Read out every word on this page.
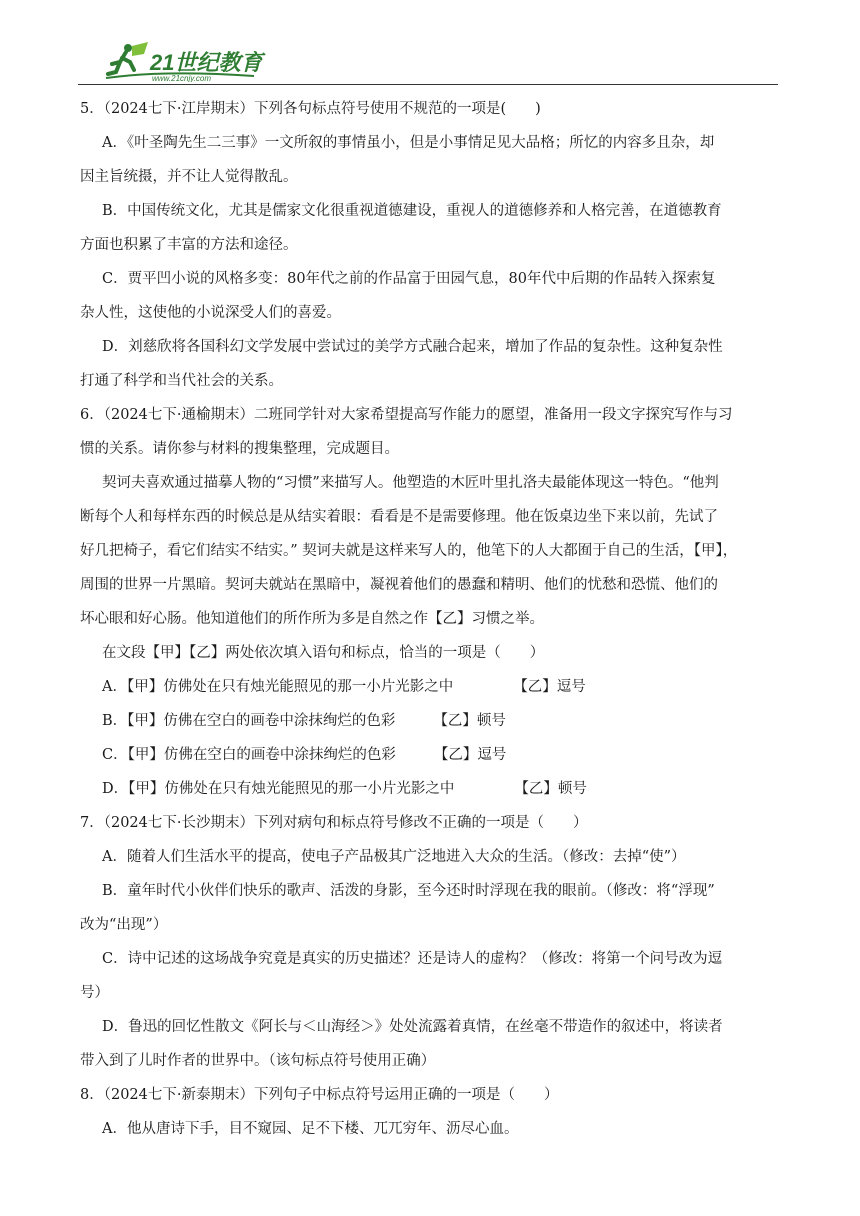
21世纪教育
www.21cnjy.com

5．（2024七下·江岸期末）下列各句标点符号使用不规范的一项是(　　)

A．《叶圣陶先生二三事》一文所叙的事情虽小，但是小事情足见大品格；所忆的内容多且杂，却

因主旨统摄，并不让人觉得散乱。

B．中国传统文化，尤其是儒家文化很重视道德建设，重视人的道德修养和人格完善，在道德教育

方面也积累了丰富的方法和途径。

C．贾平凹小说的风格多变：80年代之前的作品富于田园气息，80年代中后期的作品转入探索复

杂人性，这使他的小说深受人们的喜爱。

D．刘慈欣将各国科幻文学发展中尝试过的美学方式融合起来，增加了作品的复杂性。这种复杂性

打通了科学和当代社会的关系。

6．（2024七下·通榆期末）二班同学针对大家希望提高写作能力的愿望，准备用一段文字探究写作与习

惯的关系。请你参与材料的搜集整理，完成题目。

契诃夫喜欢通过描摹人物的“习惯”来描写人。他塑造的木匠叶里扎洛夫最能体现这一特色。“他判

断每个人和每样东西的时候总是从结实着眼：看看是不是需要修理。他在饭桌边坐下来以前，先试了

好几把椅子，看它们结实不结实。” 契诃夫就是这样来写人的，他笔下的人大都囿于自己的生活，【甲】，

周围的世界一片黑暗。契诃夫就站在黑暗中，凝视着他们的愚蠢和精明、他们的忧愁和恐慌、他们的

坏心眼和好心肠。他知道他们的所作所为多是自然之作【乙】习惯之举。

在文段【甲】【乙】两处依次填入语句和标点，恰当的一项是（　　）

A．【甲】仿佛处在只有烛光能照见的那一小片光影之中	【乙】逗号

B．【甲】仿佛在空白的画卷中涂抹绚烂的色彩	【乙】顿号

C．【甲】仿佛在空白的画卷中涂抹绚烂的色彩	【乙】逗号

D．【甲】仿佛处在只有烛光能照见的那一小片光影之中	【乙】顿号

7．（2024七下·长沙期末）下列对病句和标点符号修改不正确的一项是（　　）

A．随着人们生活水平的提高，使电子产品极其广泛地进入大众的生活。（修改：去掉“使”）

B．童年时代小伙伴们快乐的歌声、活泼的身影，至今还时时浮现在我的眼前。（修改：将“浮现”

改为“出现”）

C．诗中记述的这场战争究竟是真实的历史描述？还是诗人的虚构？（修改：将第一个问号改为逗

号）

D．鲁迅的回忆性散文《阿长与＜山海经＞》处处流露着真情，在丝毫不带造作的叙述中，将读者

带入到了儿时作者的世界中。（该句标点符号使用正确）

8．（2024七下·新泰期末）下列句子中标点符号运用正确的一项是（　　）

A．他从唐诗下手，目不窥园、足不下楼、兀兀穷年、沥尽心血。
